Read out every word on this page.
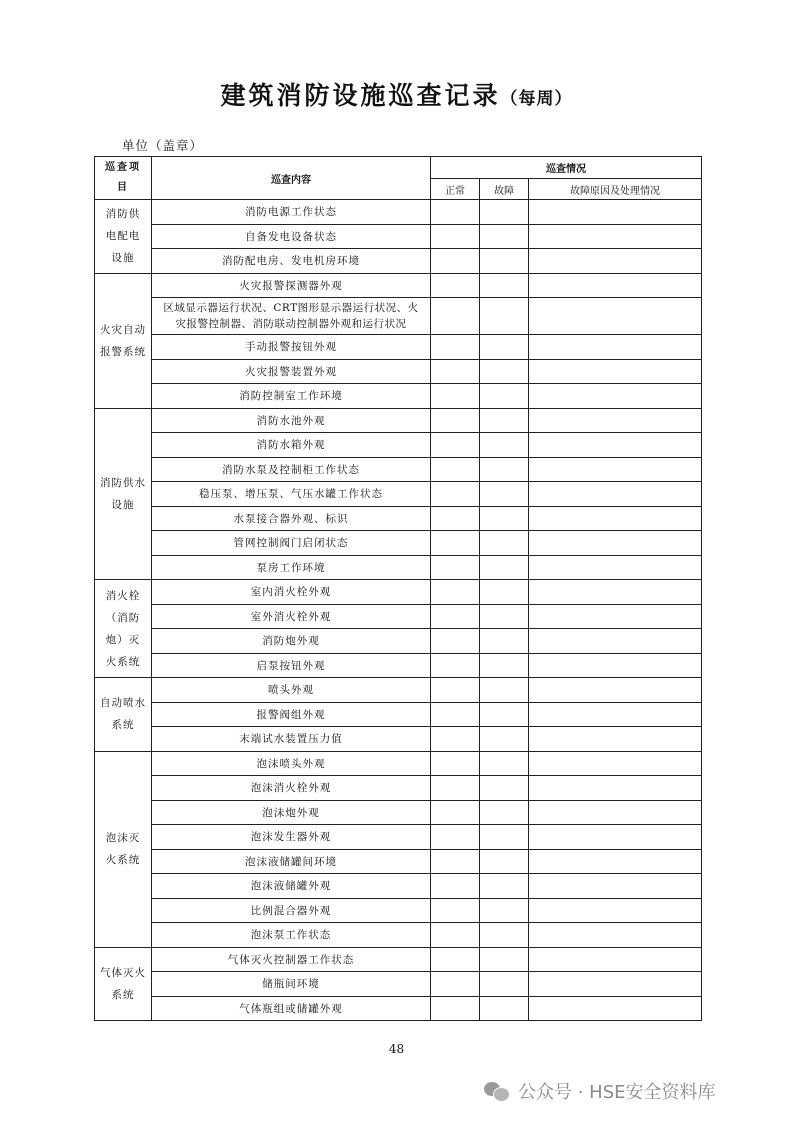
建筑消防设施巡查记录（每周）
单位（盖章）
巡查项目	巡查内容	巡查情况		
		正常	故障	故障原因及处理情况

消防供电配电设施	消防电源工作状态			

	自备发电设备状态			

	消防配电房、发电机房环境			

火灾自动报警系统	火灾报警探测器外观			

	区域显示器运行状况、CRT图形显示器运行状况、火灾报警控制器、消防联动控制器外观和运行状况			

	手动报警按钮外观			

	火灾报警装置外观			

	消防控制室工作环境			

消防供水设施	消防水池外观			

	消防水箱外观			

	消防水泵及控制柜工作状态			

	稳压泵、增压泵、气压水罐工作状态			

	水泵接合器外观、标识			

	管网控制阀门启闭状态			

	泵房工作环境			

消火栓（消防炮）灭火系统	室内消火栓外观			

	室外消火栓外观			

	消防炮外观			

	启泵按钮外观			

自动喷水系统	喷头外观			

	报警阀组外观			

	末端试水装置压力值			

泡沫灭火系统	泡沫喷头外观			

	泡沫消火栓外观			

	泡沫炮外观			

	泡沫发生器外观			

	泡沫液储罐间环境			

	泡沫液储罐外观			

	比例混合器外观			

	泡沫泵工作状态			

气体灭火系统	气体灭火控制器工作状态			

	储瓶间环境			

	气体瓶组或储罐外观			

48
公众号 · HSE安全资料库
